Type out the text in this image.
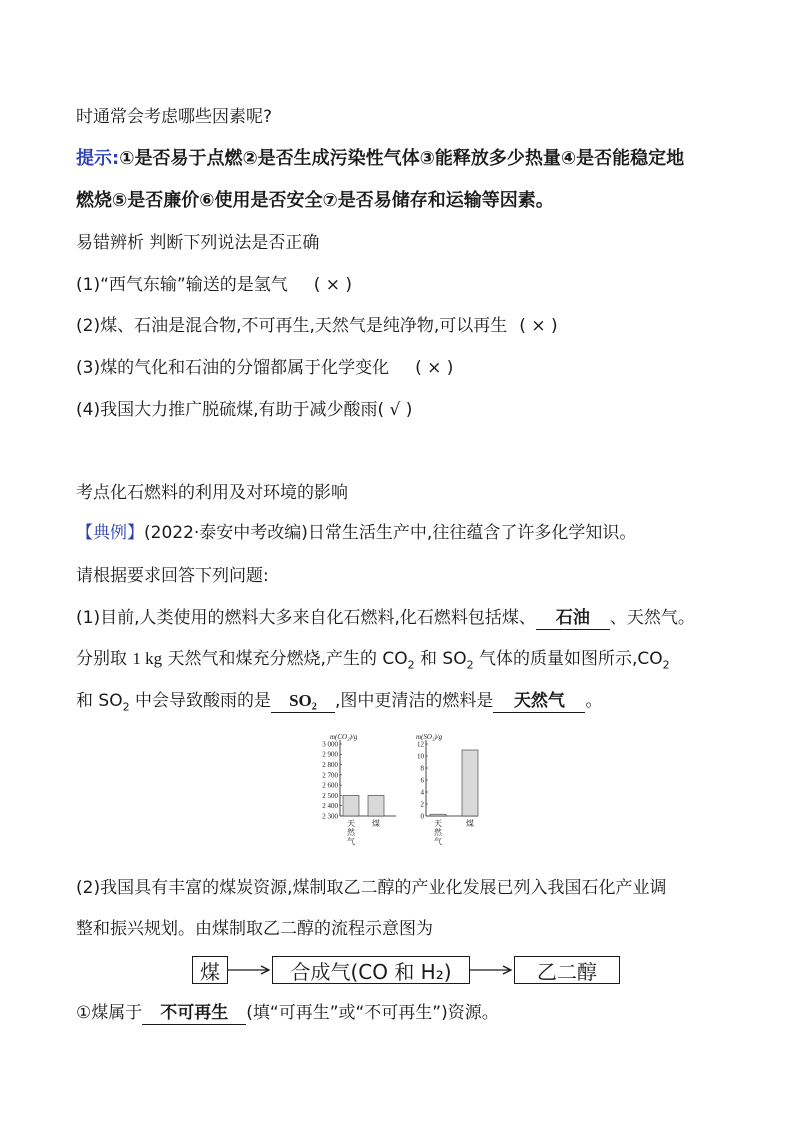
时通常会考虑哪些因素呢?
提示:①是否易于点燃②是否生成污染性气体③能释放多少热量④是否能稳定地
燃烧⑤是否廉价⑥使用是否安全⑦是否易储存和运输等因素。
易错辨析 判断下列说法是否正确
(1)“西气东输”输送的是氢气 ( × )
(2)煤、石油是混合物,不可再生,天然气是纯净物,可以再生 ( × )
(3)煤的气化和石油的分馏都属于化学变化 ( × )
(4)我国大力推广脱硫煤,有助于减少酸雨( √ )
考点化石燃料的利用及对环境的影响
【典例】(2022·泰安中考改编)日常生活生产中,往往蕴含了许多化学知识。
请根据要求回答下列问题:
(1)目前,人类使用的燃料大多来自化石燃料,化石燃料包括煤、 石油 、天然气。
分别取 1 kg 天然气和煤充分燃烧,产生的 $CO_2$ 和 $SO_2$ 气体的质量如图所示$,CO_2$
和 $SO_2$ 中会导致酸雨的是 SO₂ ,图中更清洁的燃料是 天然气 。
m(CO₂)/g
2 300
2 400
2 500
2 600
2 700
2 800
2 900
3 000
天
然
气
煤
m(SO₂)/g
0
2
4
6
8
10
12
天
然
气
煤
(2)我国具有丰富的煤炭资源,煤制取乙二醇的产业化发展已列入我国石化产业调
整和振兴规划。由煤制取乙二醇的流程示意图为
煤	合成气(CO 和 H₂)	乙二醇
①煤属于 不可再生 (填“可再生”或“不可再生”)资源。
